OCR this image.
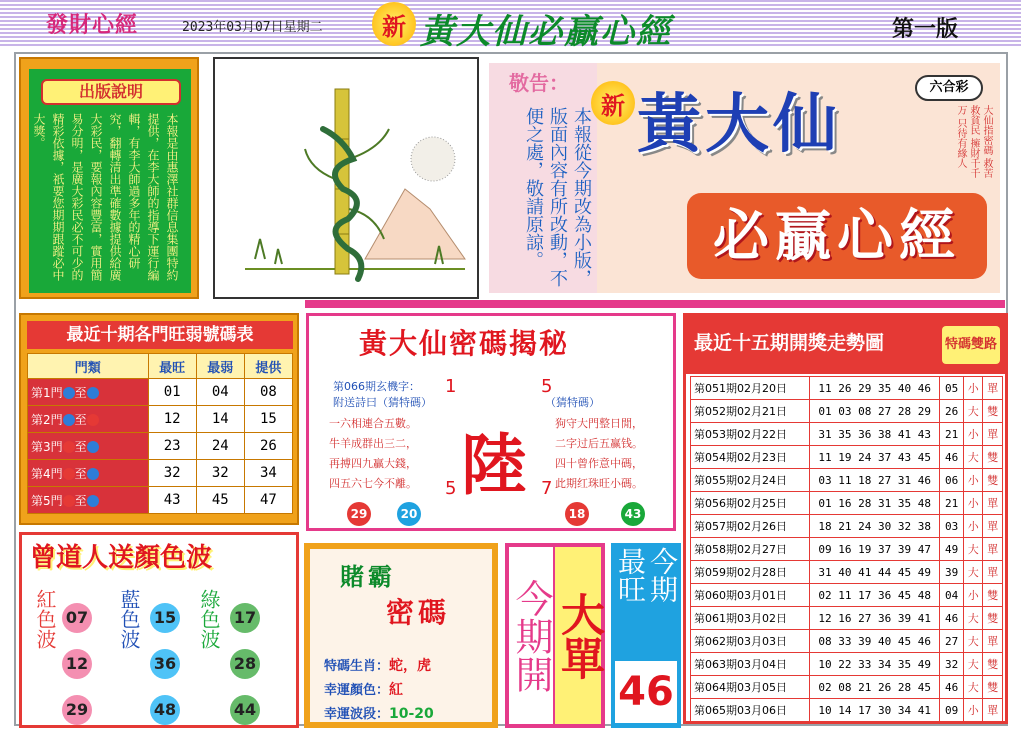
發財心經	2023年03月07日星期二	新 黃大仙必贏心經	第一版
出版說明
本報是由惠澤社群信息集團特約提供，在李大師的指導下運行編輯，有李大師過多年的精心研究，翻轉清出準確數據提供給廣大彩民，要報內容豐富，實用簡易分明，是廣大彩民必不可少的精彩依據，祇要您期期跟蹤必中大獎。
敬告：
本報從今期改為小版，版面內容有所改動，不便之處，敬請原諒。
新 黃大仙
必贏心經
六合彩
大仙指密碼 救苦救貧民 擁財千千万 只待有緣人
最近十期各門旺弱號碼表
門類	最旺	最弱	提供
第1門 至	01	04	08
第2門 至	12	14	15
第3門 至	23	24	26
第4門 至	32	32	34
第5門 至	43	45	47
黃大仙密碼揭秘
第066期玄機字：
附送詩曰（猜特碼）	（猜特碼）
一六相連合五數。
牛羊成群出三二，
再搏四九贏大錢，
四五六七今不離。
狗守大門整日閒，
二字过后五赢钱。
四十曾作意中碼，
此期红珠旺小碼。
1	5
5	7
陸
29	20	18	43
最近十五期開獎走勢圖	特碼雙路
第051期02月20日	11 26 29 35 40 46	05	小	單
第052期02月21日	01 03 08 27 28 29	26	大	雙
第053期02月22日	31 35 36 38 41 43	21	小	單
第054期02月23日	11 19 24 37 43 45	46	大	雙
第055期02月24日	03 11 18 27 31 46	06	小	雙
第056期02月25日	01 16 28 31 35 48	21	小	單
第057期02月26日	18 21 24 30 32 38	03	小	單
第058期02月27日	09 16 19 37 39 47	49	大	單
第059期02月28日	31 40 41 44 45 49	39	大	單
第060期03月01日	02 11 17 36 45 48	04	小	雙
第061期03月02日	12 16 27 36 39 41	46	大	雙
第062期03月03日	08 33 39 40 45 46	27	大	單
第063期03月04日	10 22 33 34 35 49	32	大	雙
第064期03月05日	02 08 21 26 28 45	46	大	雙
第065期03月06日	10 14 17 30 34 41	09	小	單
曾道人送顏色波
紅色波 07
12
29
藍色波 15
36
48
綠色波 17
28
44
賭霸
密碼
特碼生肖：蛇，虎
幸運顏色：紅
幸運波段：10-20
今期開 大單
最旺 今期
46
